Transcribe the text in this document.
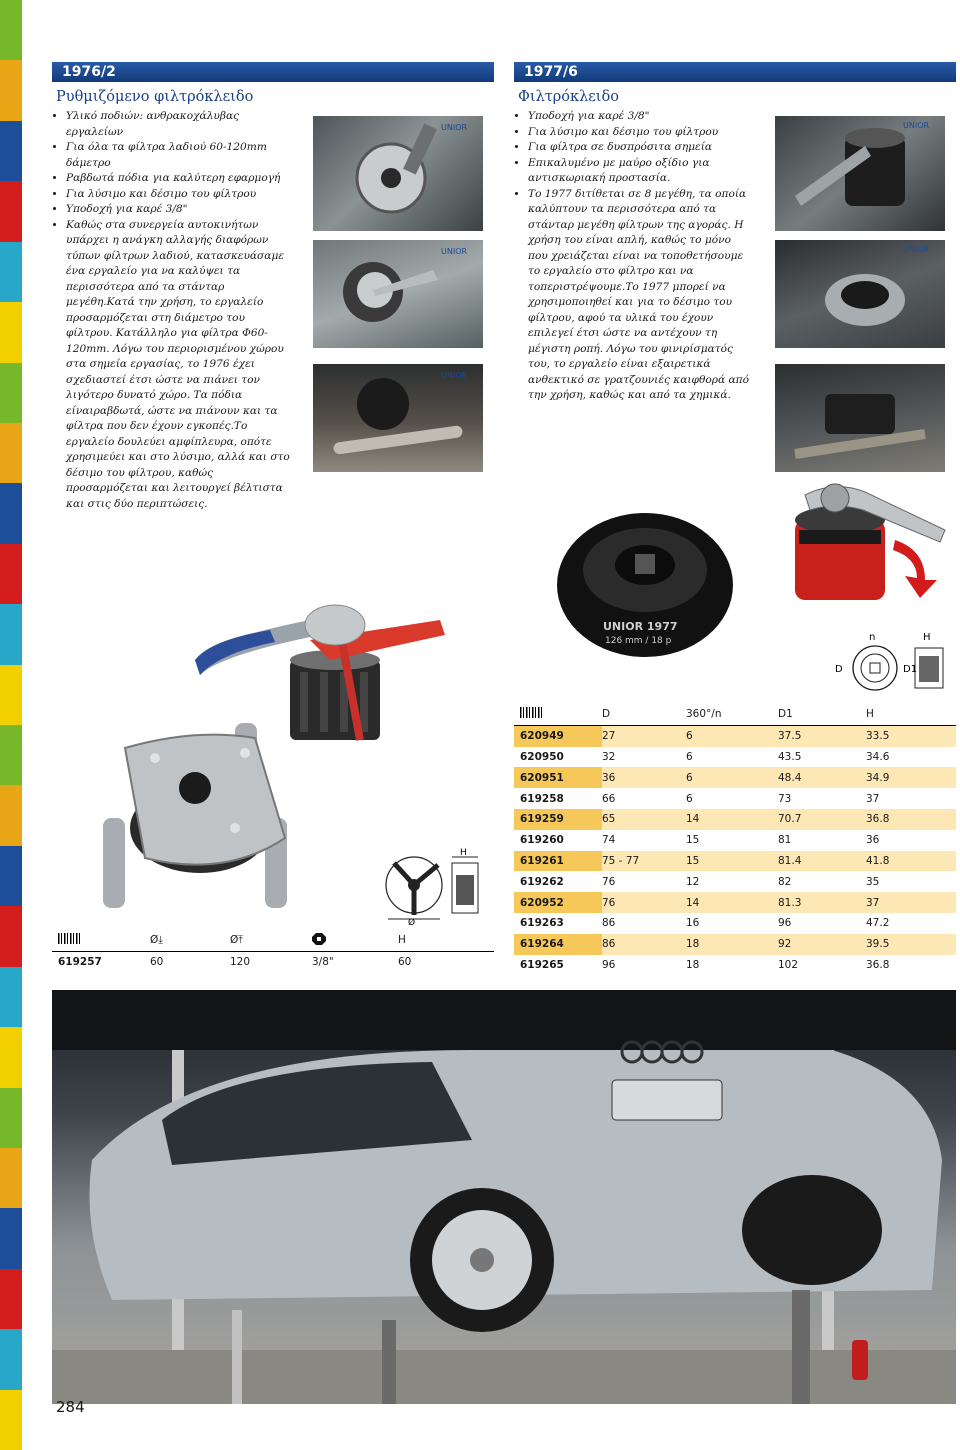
1976/2
Ρυθμιζόμενο φιλτρόκλειδο
• Υλικό ποδιών: ανθρακοχάλυβας εργαλείων
• Για όλα τα φίλτρα λαδιού 60-120mm δάμετρο
• Ραβδωτά πόδια για καλύτερη εφαρμογή
• Για λύσιμο και δέσιμο του φίλτρου
• Υποδοχή για καρέ 3/8"
• Καθώς στα συνεργεία αυτοκινήτων υπάρχει η ανάγκη αλλαγής διαφόρων τύπων φίλτρων λαδιού, κατασκευάσαμε ένα εργαλείο για να καλύψει τα περισσότερα από τα στάνταρ μεγέθη.Κατά την χρήση, το εργαλείο προσαρμόζεται στη διάμετρο του φίλτρου. Κατάλληλο για φίλτρα Φ60-120mm. Λόγω του περιορισμένου χώρου στα σημεία εργασίας, το 1976 έχει σχεδιαστεί έτσι ώστε να πιάνει τον λιγότερο δυνατό χώρο. Τα πόδια είναιραβδωτά, ώστε να πιάνουν και τα φίλτρα που δεν έχουν εγκοπές.Το εργαλείο δουλεύει αμφίπλευρα, οπότε χρησιμεύει και στο λύσιμο, αλλά και στο δέσιμο του φίλτρου, καθώς προσαρμόζεται και λειτουργεί βέλτιστα και στις δύο περιπτώσεις.
UNIOR
UNIOR
UNIOR
H
Ø
	Ø⤓	Ø⤒		H
619257	60	120	3/8"	60
1977/6
Φιλτρόκλειδο
• Υποδοχή για καρέ 3/8"
• Για λύσιμο και δέσιμο του φίλτρου
• Για φίλτρα σε δυσπρόσιτα σημεία
• Επικαλυμένο με μαύρο οξίδιο για αντισκωριακή προστασία.
• Το 1977 διτίθεται σε 8 μεγέθη, τα οποία καλύπτουν τα περισσότερα από τα στάνταρ μεγέθη φίλτρων της αγοράς. Η χρήση του είναι απλή, καθώς το μόνο που χρειάζεται είναι να τοποθετήσουμε το εργαλείο στο φίλτρο και να τοπεριστρέψουμε.Το 1977 μπορεί να χρησιμοποιηθεί και για το δέσιμο του φίλτρου, αφού τα υλικά του έχουν επιλεγεί έτσι ώστε να αντέχουν τη μέγιστη ροπή. Λόγω του φινιρίσματός του, το εργαλείο είναι εξαιρετικά ανθεκτικό σε γρατζουνιές καιφθορά από την χρήση, καθώς και από τα χημικά.
UNIOR
UNIOR
UNIOR 1977
126 mm / 18 p	n
D
H
D1
	D	360°/n	D1	H
620949	27	6	37.5	33.5
620950	32	6	43.5	34.6
620951	36	6	48.4	34.9
619258	66	6	73	37
619259	65	14	70.7	36.8
619260	74	15	81	36
619261	75 - 77	15	81.4	41.8
619262	76	12	82	35
620952	76	14	81.3	37
619263	86	16	96	47.2
619264	86	18	92	39.5
619265	96	18	102	36.8
284
